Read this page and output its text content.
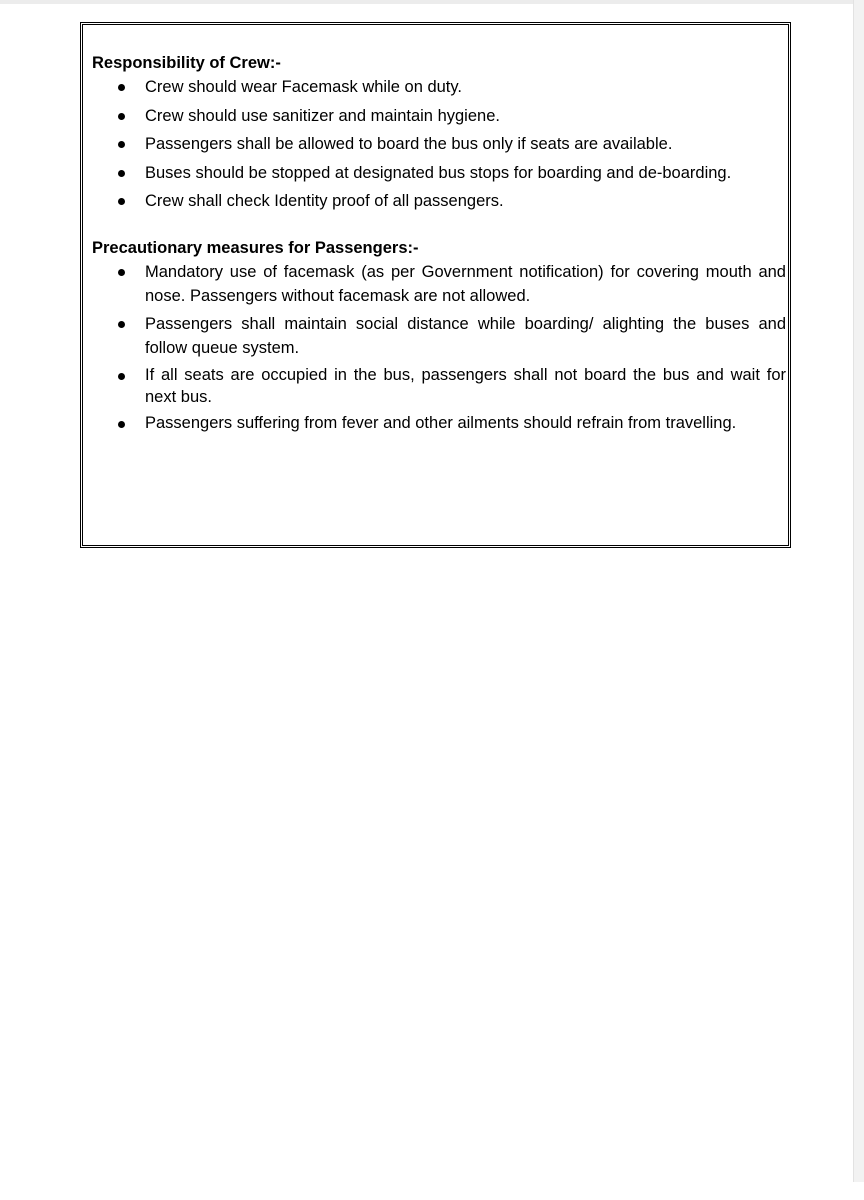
Responsibility of Crew:-

Crew should wear Facemask while on duty.
Crew should use sanitizer and maintain hygiene.
Passengers shall be allowed to board the bus only if seats are available.
Buses should be stopped at designated bus stops for boarding and de-boarding.
Crew shall check Identity proof of all passengers.

Precautionary measures for Passengers:-

Mandatory use of facemask (as per Government notification) for covering mouth and nose. Passengers without facemask are not allowed.
Passengers shall maintain social distance while boarding/ alighting the buses and follow queue system.
If all seats are occupied in the bus, passengers shall not board the bus and wait for next bus.
Passengers suffering from fever and other ailments should refrain from travelling.
